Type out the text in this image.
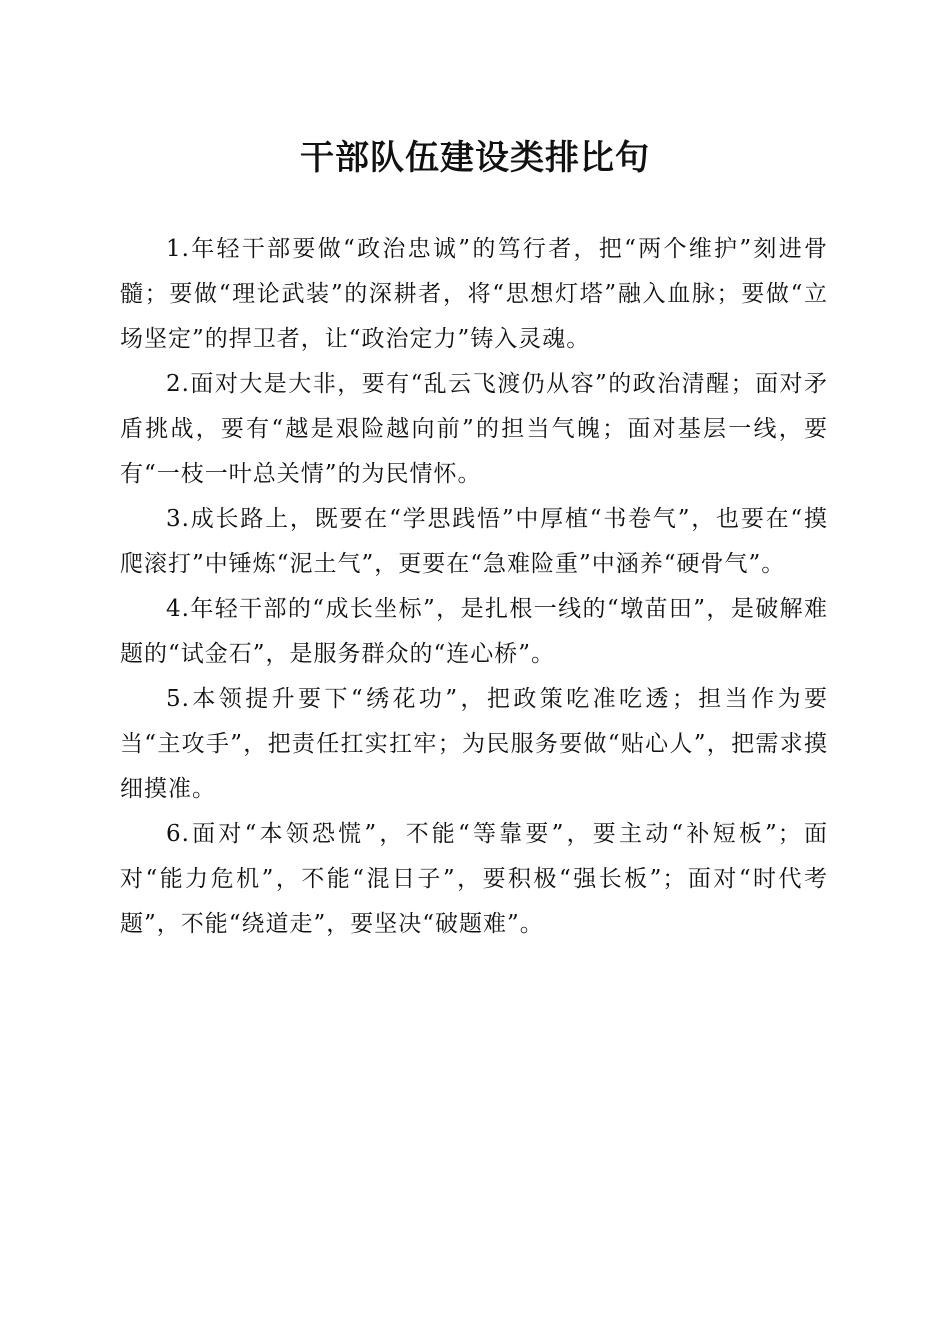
干部队伍建设类排比句

1.年轻干部要做“政治忠诚”的笃行者，把“两个维护”刻进骨髓；要做“理论武装”的深耕者，将“思想灯塔”融入血脉；要做“立场坚定”的捍卫者，让“政治定力”铸入灵魂。

2.面对大是大非，要有“乱云飞渡仍从容”的政治清醒；面对矛盾挑战，要有“越是艰险越向前”的担当气魄；面对基层一线，要有“一枝一叶总关情”的为民情怀。

3.成长路上，既要在“学思践悟”中厚植“书卷气”，也要在“摸爬滚打”中锤炼“泥土气”，更要在“急难险重”中涵养“硬骨气”。

4.年轻干部的“成长坐标”，是扎根一线的“墩苗田”，是破解难题的“试金石”，是服务群众的“连心桥”。

5.本领提升要下“绣花功”，把政策吃准吃透；担当作为要当“主攻手”，把责任扛实扛牢；为民服务要做“贴心人”，把需求摸细摸准。

6.面对“本领恐慌”，不能“等靠要”，要主动“补短板”；面对“能力危机”，不能“混日子”，要积极“强长板”；面对“时代考题”，不能“绕道走”，要坚决“破题难”。
